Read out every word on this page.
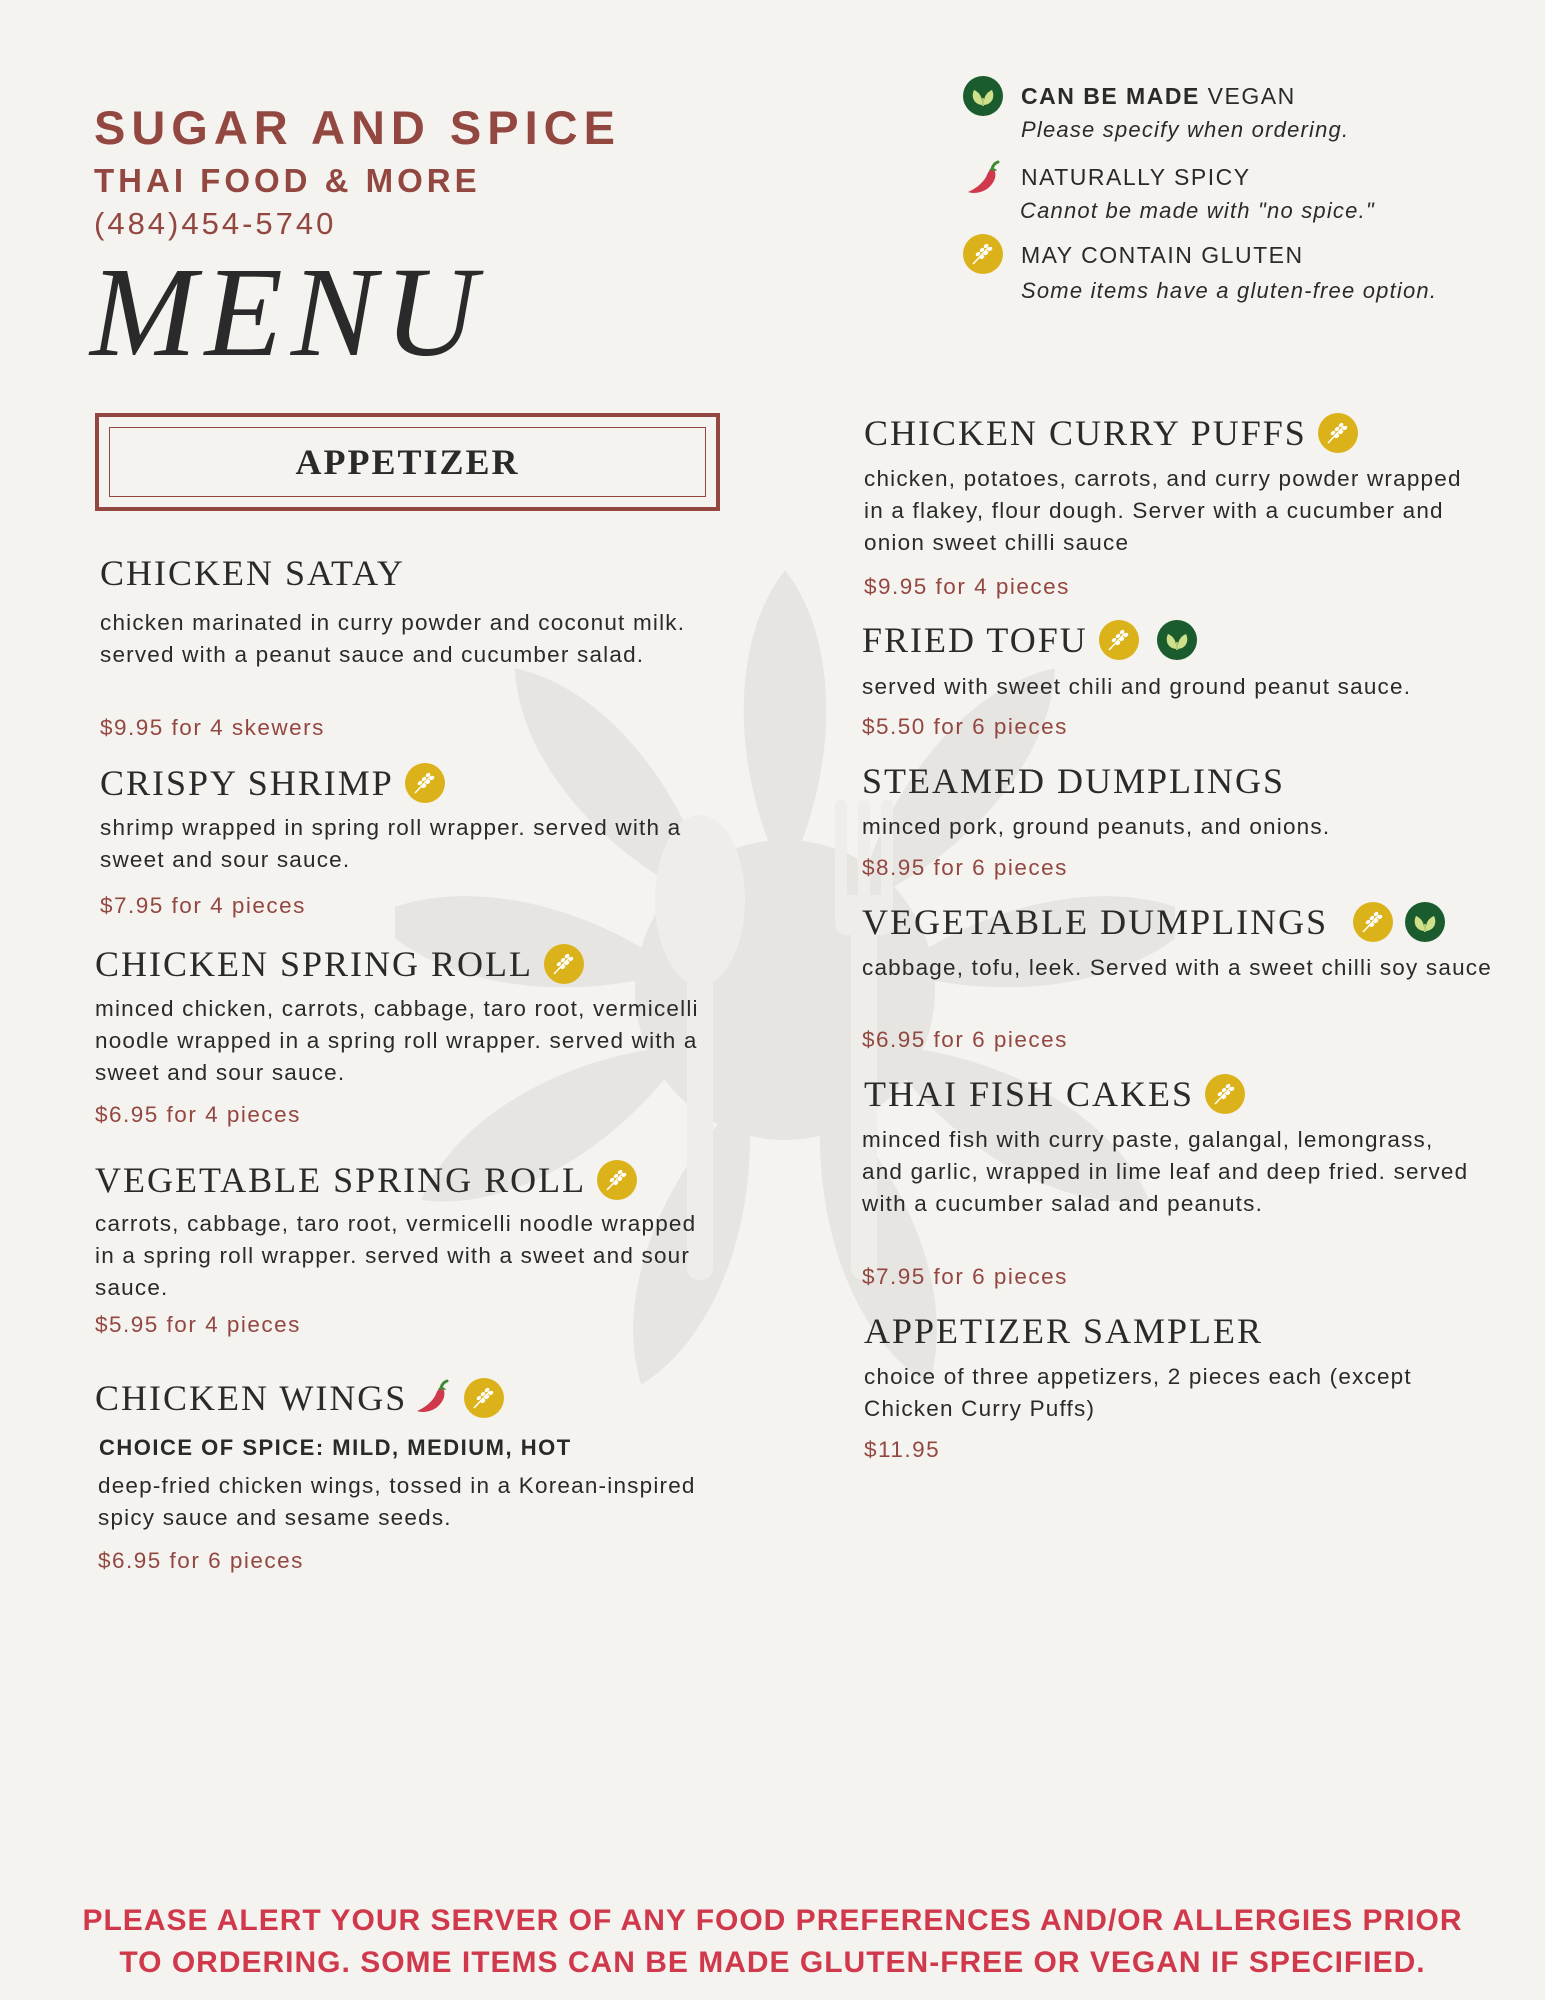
SUGAR AND SPICE
THAI FOOD & MORE
(484)454-5740
MENU
CAN BE MADE VEGAN
Please specify when ordering.
NATURALLY SPICY
Cannot be made with "no spice."
MAY CONTAIN GLUTEN
Some items have a gluten-free option.
APPETIZER
CHICKEN SATAY
chicken marinated in curry powder and coconut milk. served with a peanut sauce and cucumber salad.
$9.95 for 4 skewers
CRISPY SHRIMP
shrimp wrapped in spring roll wrapper. served with a sweet and sour sauce.
$7.95 for 4 pieces
CHICKEN SPRING ROLL
minced chicken, carrots, cabbage, taro root, vermicelli noodle wrapped in a spring roll wrapper. served with a sweet and sour sauce.
$6.95 for 4 pieces
VEGETABLE SPRING ROLL
carrots, cabbage, taro root, vermicelli noodle wrapped in a spring roll wrapper. served with a sweet and sour sauce.
$5.95 for 4 pieces
CHICKEN WINGS
CHOICE OF SPICE: MILD, MEDIUM, HOT
deep-fried chicken wings, tossed in a Korean-inspired spicy sauce and sesame seeds.
$6.95 for 6 pieces
CHICKEN CURRY PUFFS
chicken, potatoes, carrots, and curry powder wrapped in a flakey, flour dough. Server with a cucumber and onion sweet chilli sauce
$9.95 for 4 pieces
FRIED TOFU
served with sweet chili and ground peanut sauce.
$5.50 for 6 pieces
STEAMED DUMPLINGS
minced pork, ground peanuts, and onions.
$8.95 for 6 pieces
VEGETABLE DUMPLINGS
cabbage, tofu, leek. Served with a sweet chilli soy sauce
$6.95 for 6 pieces
THAI FISH CAKES
minced fish with curry paste, galangal, lemongrass, and garlic, wrapped in lime leaf and deep fried. served with a cucumber salad and peanuts.
$7.95 for 6 pieces
APPETIZER SAMPLER
choice of three appetizers, 2 pieces each (except Chicken Curry Puffs)
$11.95
PLEASE ALERT YOUR SERVER OF ANY FOOD PREFERENCES AND/OR ALLERGIES PRIOR
TO ORDERING. SOME ITEMS CAN BE MADE GLUTEN-FREE OR VEGAN IF SPECIFIED.
